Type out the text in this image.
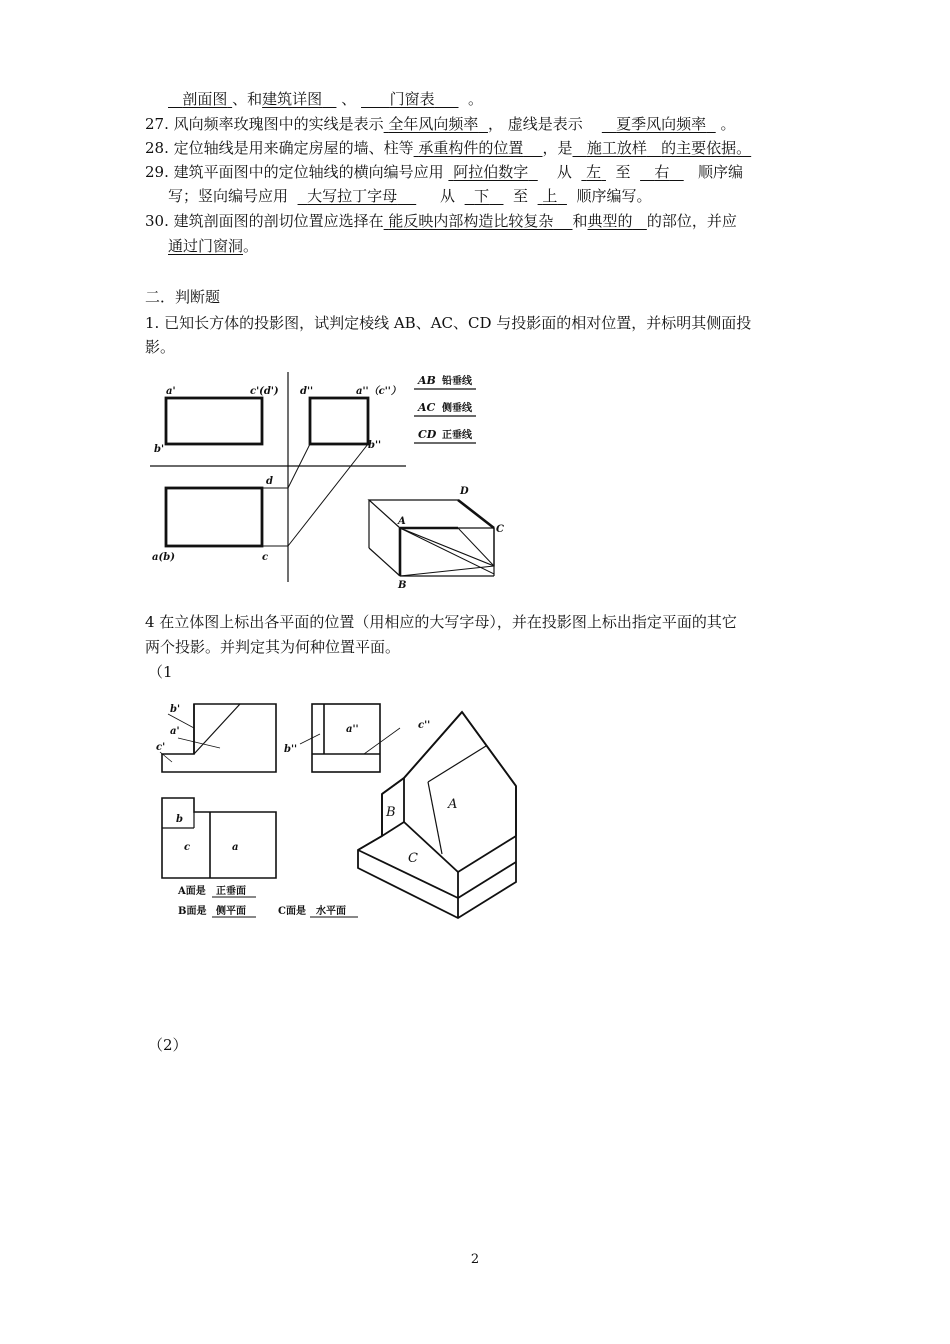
剖面图 、和建筑详图 、 门窗表 。
27. 风向频率玫瑰图中的实线是表示 全年风向频率 ， 虚线是表示 夏季风向频率 。
28. 定位轴线是用来确定房屋的墙、柱等 承重构件的位置 ，是 施工放样 的主要依据。
29. 建筑平面图中的定位轴线的横向编号应用 阿拉伯数字 从 左 至 右 顺序编
写；竖向编号应用 大写拉丁字母	从 下 至 上 顺序编写。
30. 建筑剖面图的剖切位置应选择在 能反映内部构造比较复杂 和典型的 的部位，并应
通过门窗洞。
二．判断题
1. 已知长方体的投影图，试判定棱线 AB、AC、CD 与投影面的相对位置，并标明其侧面投
影。
a'	c'(d')
b'
d''	a''（c''）
b''
d
a(b)	c
AB 铅垂线
AC 侧垂线
CD 正垂线
A
B
C
D
4 在立体图上标出各平面的位置（用相应的大写字母），并在投影图上标出指定平面的其它
两个投影。并判定其为何种位置平面。
（1
b'
a'
c'
a''
b''
c''
b
c	a
A面是 正垂面
B面是 侧平面	C面是 水平面
B
A
C
（2）
2
